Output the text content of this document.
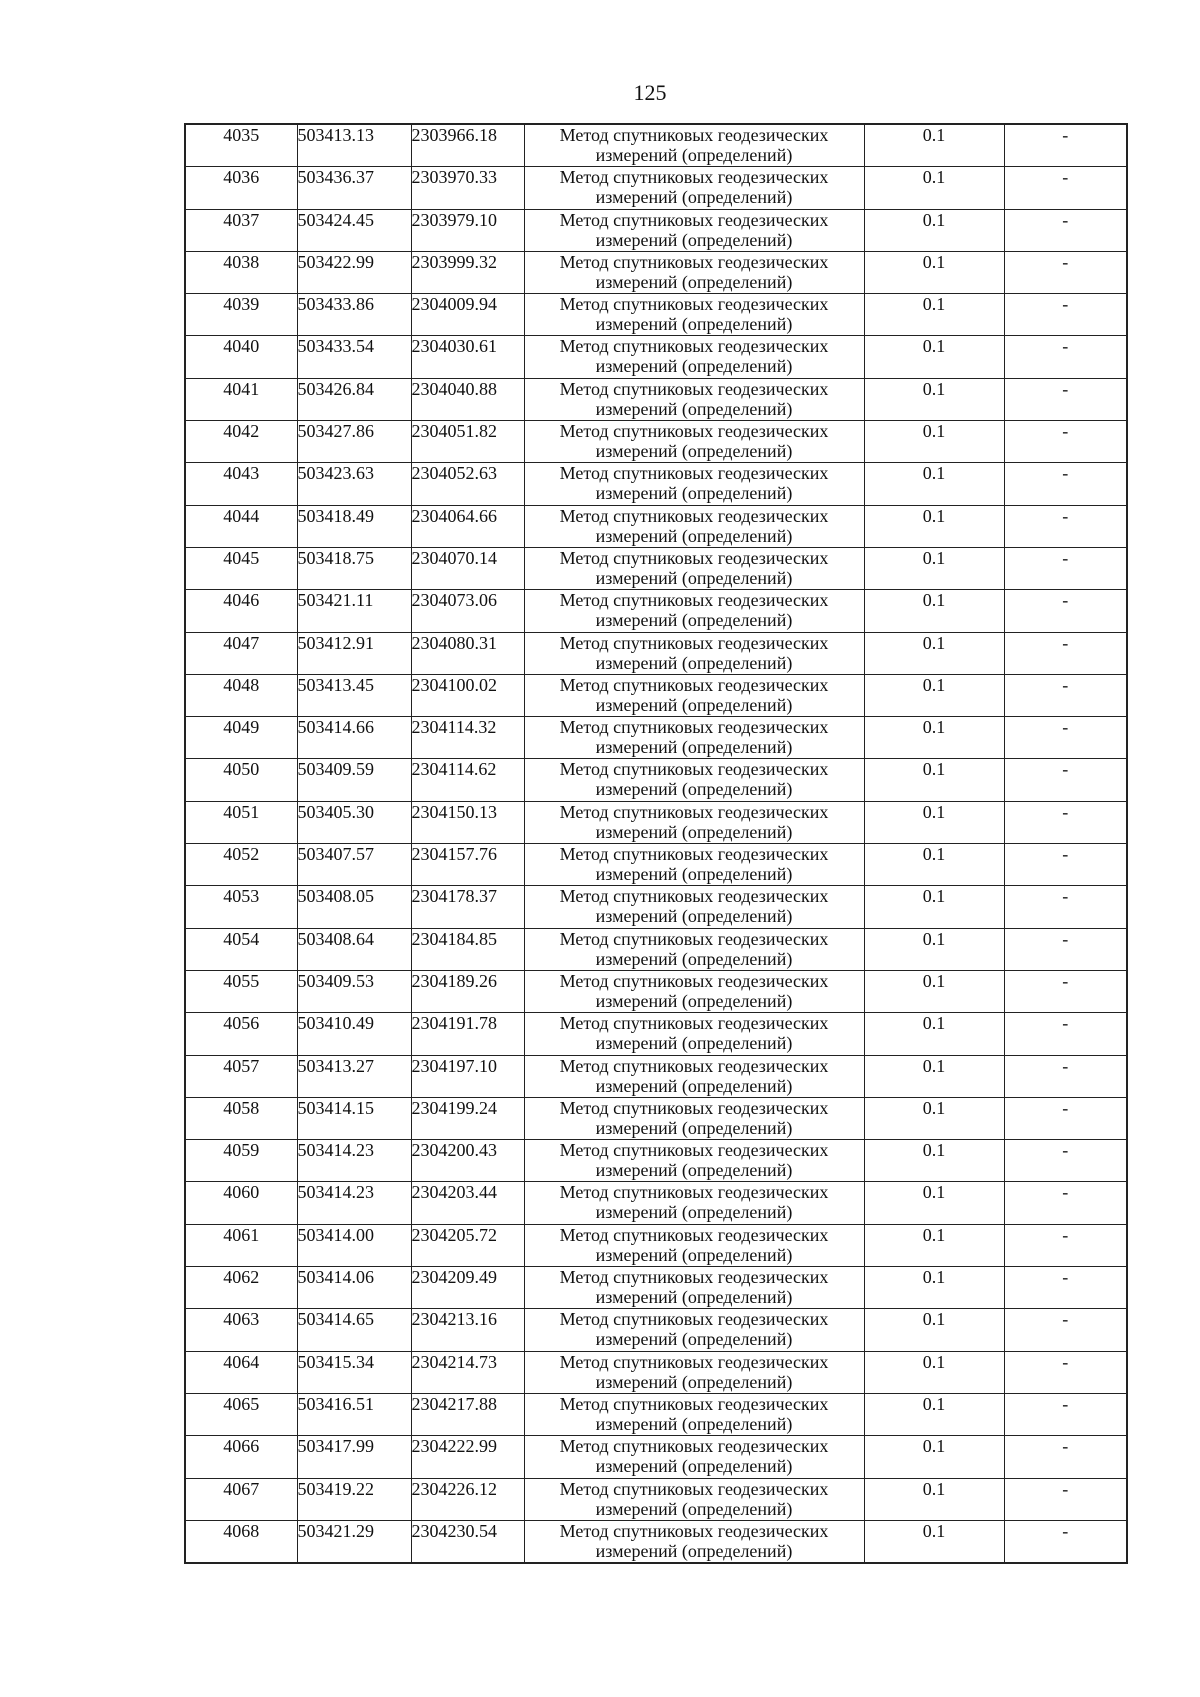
125
4035	503413.13	2303966.18	Метод спутниковых геодезических
измерений (определений)	0.1	-
4036	503436.37	2303970.33	Метод спутниковых геодезических
измерений (определений)	0.1	-
4037	503424.45	2303979.10	Метод спутниковых геодезических
измерений (определений)	0.1	-
4038	503422.99	2303999.32	Метод спутниковых геодезических
измерений (определений)	0.1	-
4039	503433.86	2304009.94	Метод спутниковых геодезических
измерений (определений)	0.1	-
4040	503433.54	2304030.61	Метод спутниковых геодезических
измерений (определений)	0.1	-
4041	503426.84	2304040.88	Метод спутниковых геодезических
измерений (определений)	0.1	-
4042	503427.86	2304051.82	Метод спутниковых геодезических
измерений (определений)	0.1	-
4043	503423.63	2304052.63	Метод спутниковых геодезических
измерений (определений)	0.1	-
4044	503418.49	2304064.66	Метод спутниковых геодезических
измерений (определений)	0.1	-
4045	503418.75	2304070.14	Метод спутниковых геодезических
измерений (определений)	0.1	-
4046	503421.11	2304073.06	Метод спутниковых геодезических
измерений (определений)	0.1	-
4047	503412.91	2304080.31	Метод спутниковых геодезических
измерений (определений)	0.1	-
4048	503413.45	2304100.02	Метод спутниковых геодезических
измерений (определений)	0.1	-
4049	503414.66	2304114.32	Метод спутниковых геодезических
измерений (определений)	0.1	-
4050	503409.59	2304114.62	Метод спутниковых геодезических
измерений (определений)	0.1	-
4051	503405.30	2304150.13	Метод спутниковых геодезических
измерений (определений)	0.1	-
4052	503407.57	2304157.76	Метод спутниковых геодезических
измерений (определений)	0.1	-
4053	503408.05	2304178.37	Метод спутниковых геодезических
измерений (определений)	0.1	-
4054	503408.64	2304184.85	Метод спутниковых геодезических
измерений (определений)	0.1	-
4055	503409.53	2304189.26	Метод спутниковых геодезических
измерений (определений)	0.1	-
4056	503410.49	2304191.78	Метод спутниковых геодезических
измерений (определений)	0.1	-
4057	503413.27	2304197.10	Метод спутниковых геодезических
измерений (определений)	0.1	-
4058	503414.15	2304199.24	Метод спутниковых геодезических
измерений (определений)	0.1	-
4059	503414.23	2304200.43	Метод спутниковых геодезических
измерений (определений)	0.1	-
4060	503414.23	2304203.44	Метод спутниковых геодезических
измерений (определений)	0.1	-
4061	503414.00	2304205.72	Метод спутниковых геодезических
измерений (определений)	0.1	-
4062	503414.06	2304209.49	Метод спутниковых геодезических
измерений (определений)	0.1	-
4063	503414.65	2304213.16	Метод спутниковых геодезических
измерений (определений)	0.1	-
4064	503415.34	2304214.73	Метод спутниковых геодезических
измерений (определений)	0.1	-
4065	503416.51	2304217.88	Метод спутниковых геодезических
измерений (определений)	0.1	-
4066	503417.99	2304222.99	Метод спутниковых геодезических
измерений (определений)	0.1	-
4067	503419.22	2304226.12	Метод спутниковых геодезических
измерений (определений)	0.1	-
4068	503421.29	2304230.54	Метод спутниковых геодезических
измерений (определений)	0.1	-
